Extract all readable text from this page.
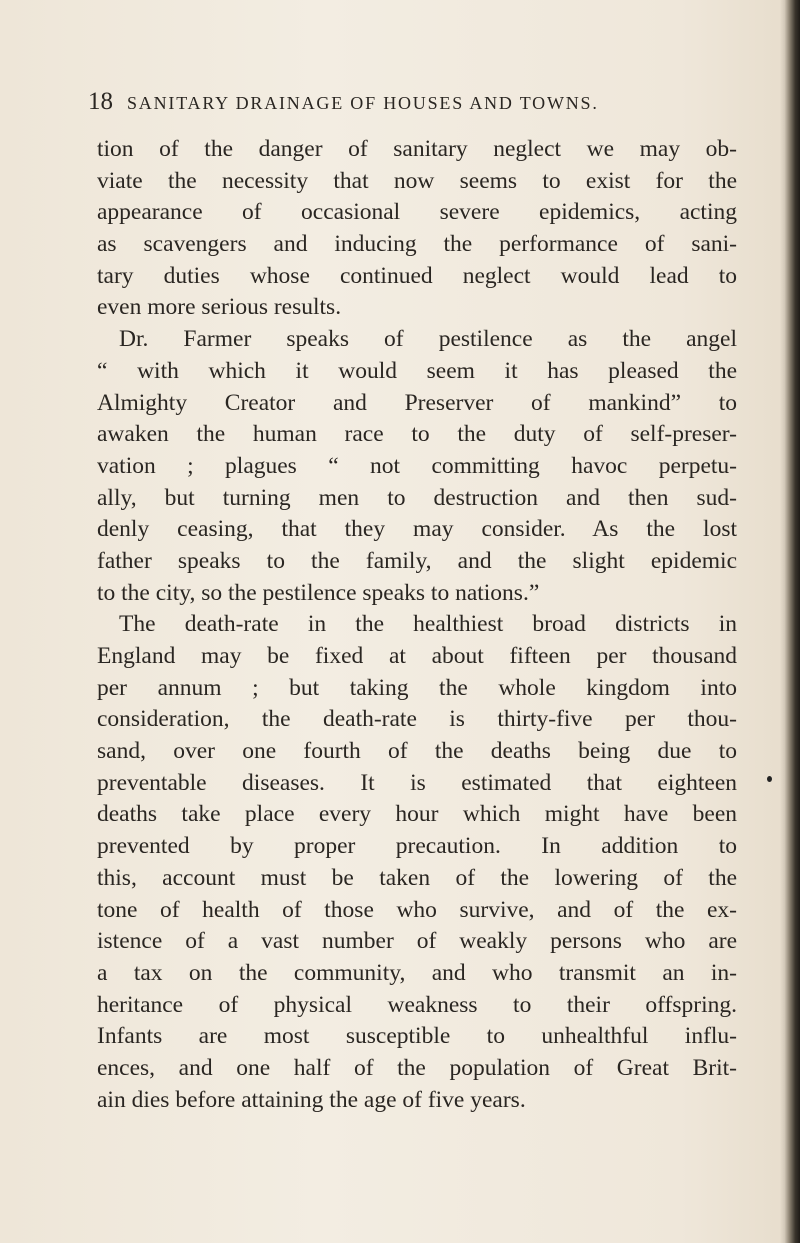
18 SANITARY DRAINAGE OF HOUSES AND TOWNS.
tion of the danger of sanitary neglect we may ob-
viate the necessity that now seems to exist for the
appearance of occasional severe epidemics, acting
as scavengers and inducing the performance of sani-
tary duties whose continued neglect would lead to
even more serious results.
Dr. Farmer speaks of pestilence as the angel
“ with which it would seem it has pleased the
Almighty Creator and Preserver of mankind” to
awaken the human race to the duty of self-preser-
vation ; plagues “ not committing havoc perpetu-
ally, but turning men to destruction and then sud-
denly ceasing, that they may consider. As the lost
father speaks to the family, and the slight epidemic
to the city, so the pestilence speaks to nations.”
The death-rate in the healthiest broad districts in
England may be fixed at about fifteen per thousand
per annum ; but taking the whole kingdom into
consideration, the death-rate is thirty-five per thou-
sand, over one fourth of the deaths being due to
preventable diseases. It is estimated that eighteen
deaths take place every hour which might have been
prevented by proper precaution. In addition to
this, account must be taken of the lowering of the
tone of health of those who survive, and of the ex-
istence of a vast number of weakly persons who are
a tax on the community, and who transmit an in-
heritance of physical weakness to their offspring.
Infants are most susceptible to unhealthful influ-
ences, and one half of the population of Great Brit-
ain dies before attaining the age of five years.
